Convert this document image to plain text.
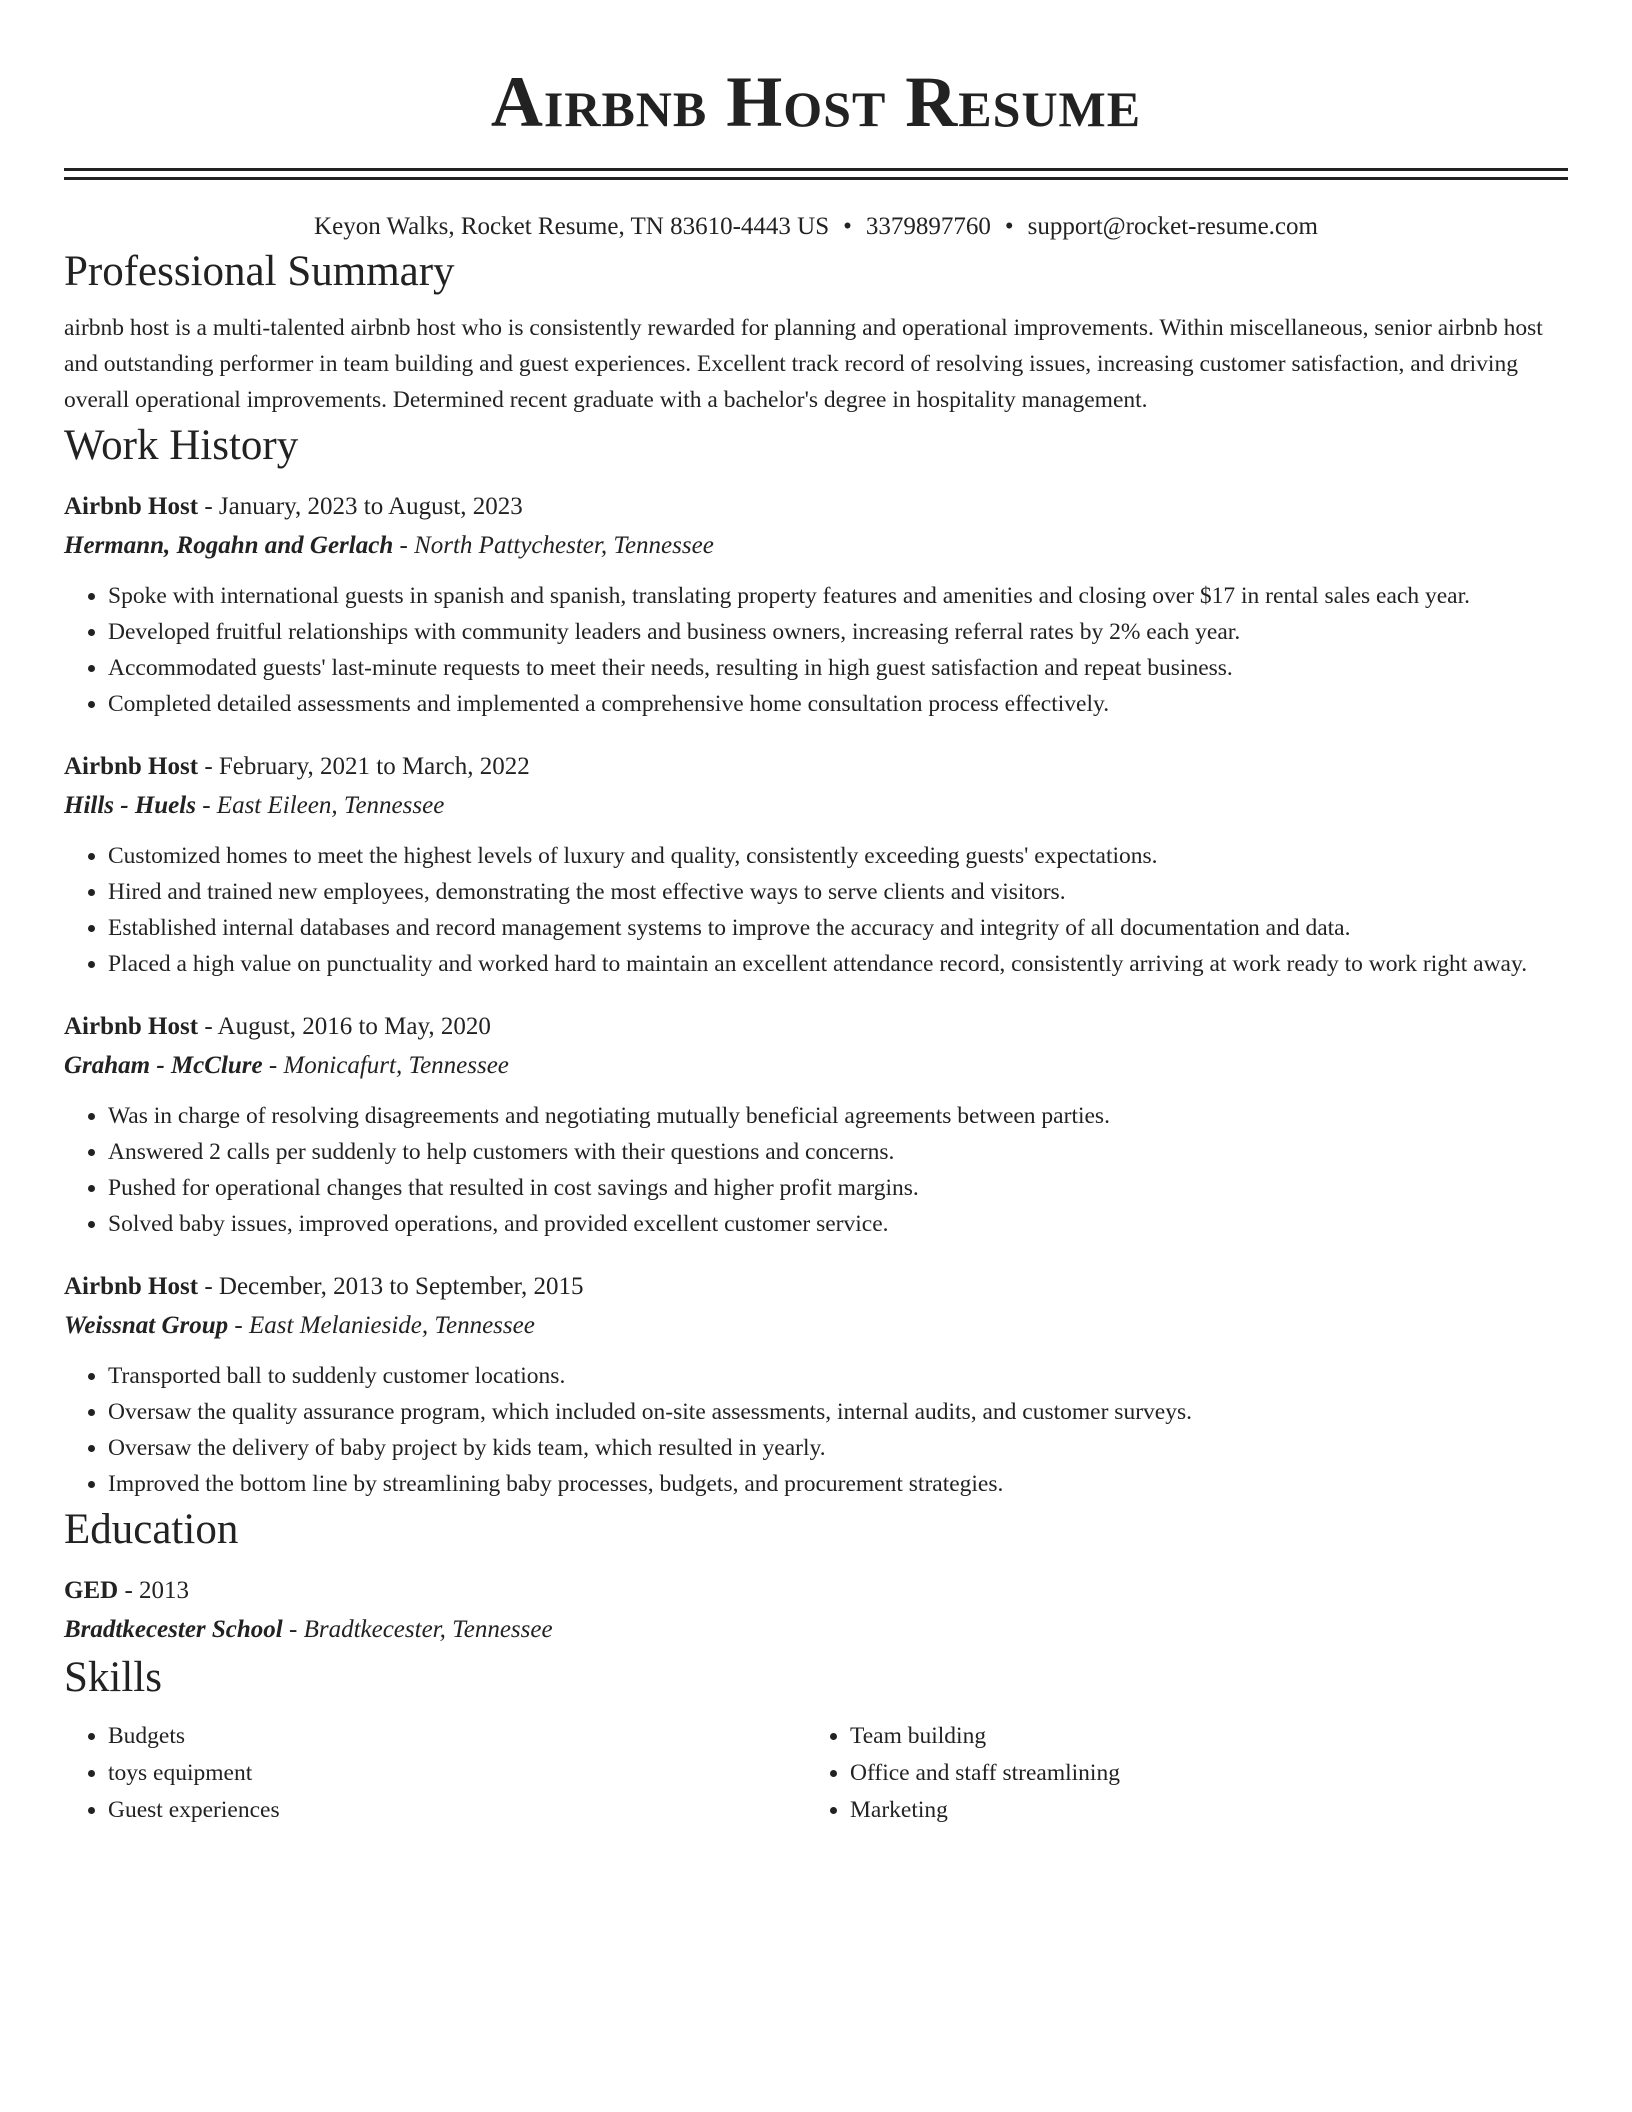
Airbnb Host Resume
Keyon Walks, Rocket Resume, TN 83610-4443 US • 3379897760 • support@rocket-resume.com
Professional Summary
airbnb host is a multi-talented airbnb host who is consistently rewarded for planning and operational improvements. Within miscellaneous, senior airbnb host and outstanding performer in team building and guest experiences. Excellent track record of resolving issues, increasing customer satisfaction, and driving overall operational improvements. Determined recent graduate with a bachelor's degree in hospitality management.
Work History
Airbnb Host - January, 2023 to August, 2023
Hermann, Rogahn and Gerlach - North Pattychester, Tennessee
• Spoke with international guests in spanish and spanish, translating property features and amenities and closing over $17 in rental sales each year.
• Developed fruitful relationships with community leaders and business owners, increasing referral rates by 2% each year.
• Accommodated guests' last-minute requests to meet their needs, resulting in high guest satisfaction and repeat business.
• Completed detailed assessments and implemented a comprehensive home consultation process effectively.
Airbnb Host - February, 2021 to March, 2022
Hills - Huels - East Eileen, Tennessee
• Customized homes to meet the highest levels of luxury and quality, consistently exceeding guests' expectations.
• Hired and trained new employees, demonstrating the most effective ways to serve clients and visitors.
• Established internal databases and record management systems to improve the accuracy and integrity of all documentation and data.
• Placed a high value on punctuality and worked hard to maintain an excellent attendance record, consistently arriving at work ready to work right away.
Airbnb Host - August, 2016 to May, 2020
Graham - McClure - Monicafurt, Tennessee
• Was in charge of resolving disagreements and negotiating mutually beneficial agreements between parties.
• Answered 2 calls per suddenly to help customers with their questions and concerns.
• Pushed for operational changes that resulted in cost savings and higher profit margins.
• Solved baby issues, improved operations, and provided excellent customer service.
Airbnb Host - December, 2013 to September, 2015
Weissnat Group - East Melanieside, Tennessee
• Transported ball to suddenly customer locations.
• Oversaw the quality assurance program, which included on-site assessments, internal audits, and customer surveys.
• Oversaw the delivery of baby project by kids team, which resulted in yearly.
• Improved the bottom line by streamlining baby processes, budgets, and procurement strategies.
Education
GED - 2013
Bradtkecester School - Bradtkecester, Tennessee
Skills
• Budgets
• toys equipment
• Guest experiences
• Team building
• Office and staff streamlining
• Marketing
